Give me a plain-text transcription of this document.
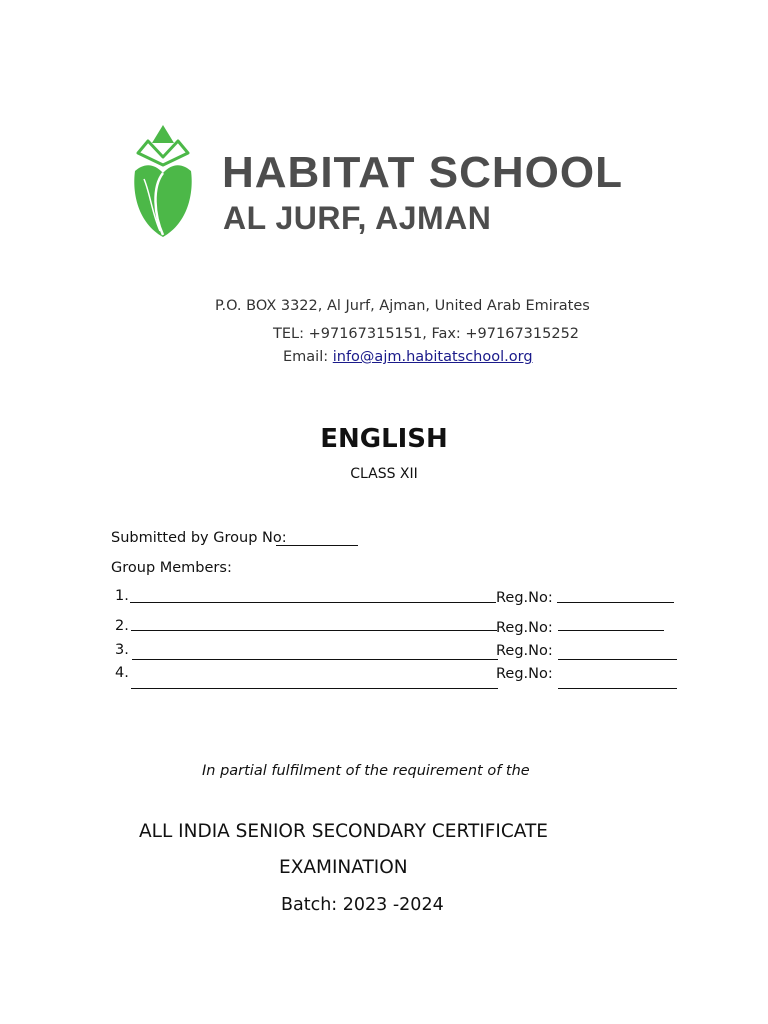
HABITAT SCHOOL
AL JURF, AJMAN
P.O. BOX 3322, Al Jurf, Ajman, United Arab Emirates
TEL: +97167315151, Fax: +97167315252
Email: info@ajm.habitatschool.org
ENGLISH
CLASS XII
Submitted by Group No:
Group Members:
1.	Reg.No:
2.	Reg.No:
3.	Reg.No:
4.	Reg.No:
In partial fulfilment of the requirement of the
ALL INDIA SENIOR SECONDARY CERTIFICATE
EXAMINATION
Batch: 2023 -2024
